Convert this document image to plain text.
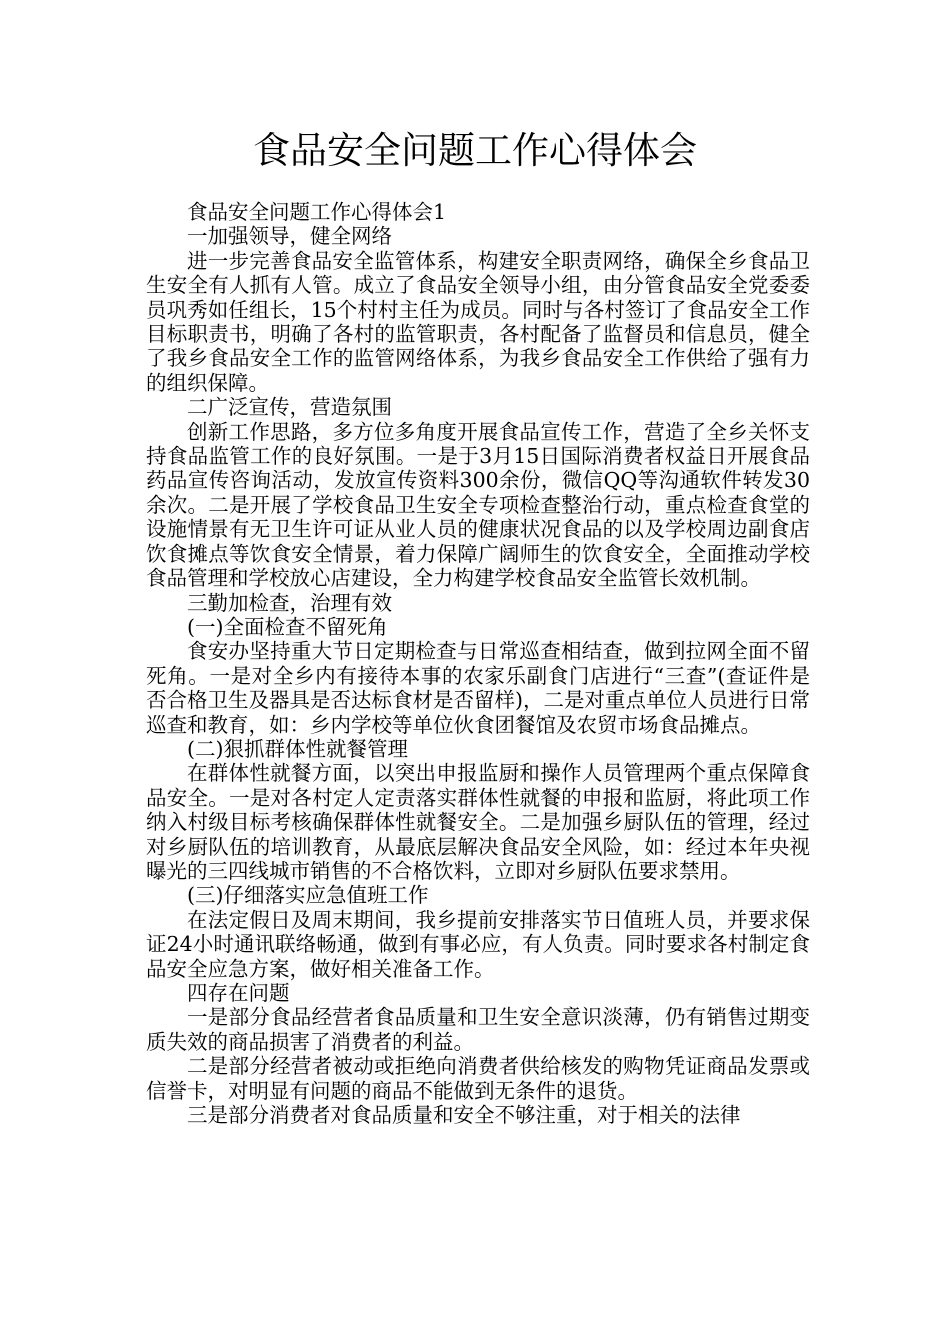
食品安全问题工作心得体会

食品安全问题工作心得体会1

一加强领导，健全网络

进一步完善食品安全监管体系，构建安全职责网络，确保全乡食品卫生安全有人抓有人管。成立了食品安全领导小组，由分管食品安全党委委员巩秀如任组长，15个村村主任为成员。同时与各村签订了食品安全工作目标职责书，明确了各村的监管职责，各村配备了监督员和信息员，健全了我乡食品安全工作的监管网络体系，为我乡食品安全工作供给了强有力的组织保障。

二广泛宣传，营造氛围

创新工作思路，多方位多角度开展食品宣传工作，营造了全乡关怀支持食品监管工作的良好氛围。一是于3月15日国际消费者权益日开展食品药品宣传咨询活动，发放宣传资料300余份，微信QQ等沟通软件转发30余次。二是开展了学校食品卫生安全专项检查整治行动，重点检查食堂的设施情景有无卫生许可证从业人员的健康状况食品的以及学校周边副食店饮食摊点等饮食安全情景，着力保障广阔师生的饮食安全，全面推动学校食品管理和学校放心店建设，全力构建学校食品安全监管长效机制。

三勤加检查，治理有效

(一)全面检查不留死角

食安办坚持重大节日定期检查与日常巡查相结查，做到拉网全面不留死角。一是对全乡内有接待本事的农家乐副食门店进行“三查”(查证件是否合格卫生及器具是否达标食材是否留样)，二是对重点单位人员进行日常巡查和教育，如：乡内学校等单位伙食团餐馆及农贸市场食品摊点。

(二)狠抓群体性就餐管理

在群体性就餐方面，以突出申报监厨和操作人员管理两个重点保障食品安全。一是对各村定人定责落实群体性就餐的申报和监厨，将此项工作纳入村级目标考核确保群体性就餐安全。二是加强乡厨队伍的管理，经过对乡厨队伍的培训教育，从最底层解决食品安全风险，如：经过本年央视曝光的三四线城市销售的不合格饮料，立即对乡厨队伍要求禁用。

(三)仔细落实应急值班工作

在法定假日及周末期间，我乡提前安排落实节日值班人员，并要求保证24小时通讯联络畅通，做到有事必应，有人负责。同时要求各村制定食品安全应急方案，做好相关准备工作。

四存在问题

一是部分食品经营者食品质量和卫生安全意识淡薄，仍有销售过期变质失效的商品损害了消费者的利益。

二是部分经营者被动或拒绝向消费者供给核发的购物凭证商品发票或信誉卡，对明显有问题的商品不能做到无条件的退货。

三是部分消费者对食品质量和安全不够注重，对于相关的法律
